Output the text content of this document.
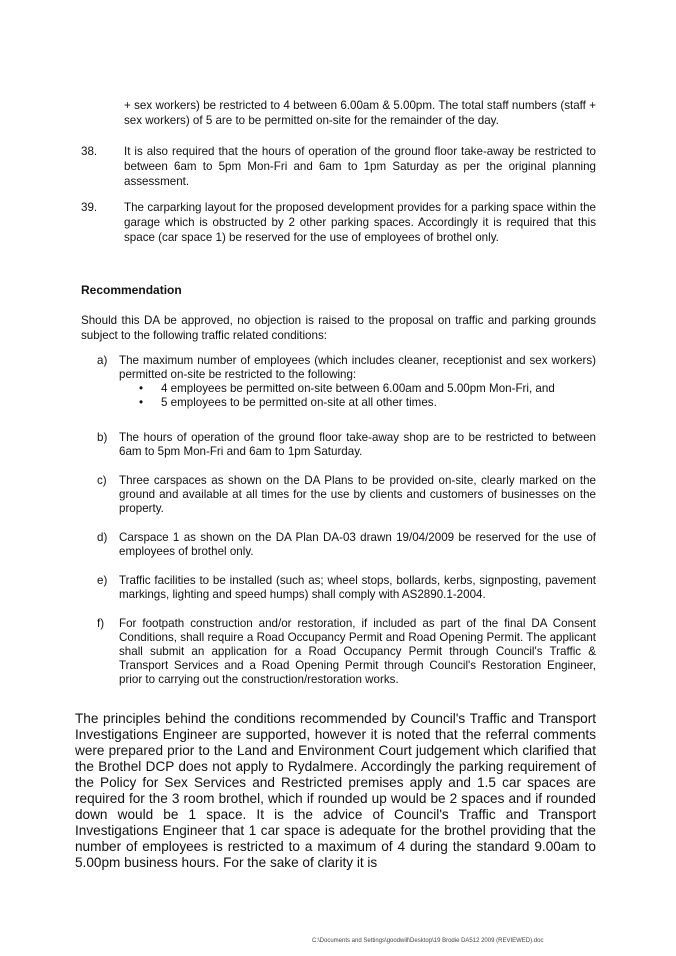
+ sex workers) be restricted to 4 between 6.00am & 5.00pm. The total staff numbers (staff + sex workers) of 5 are to be permitted on-site for the remainder of the day.
38. It is also required that the hours of operation of the ground floor take-away be restricted to between 6am to 5pm Mon-Fri and 6am to 1pm Saturday as per the original planning assessment.
39. The carparking layout for the proposed development provides for a parking space within the garage which is obstructed by 2 other parking spaces. Accordingly it is required that this space (car space 1) be reserved for the use of employees of brothel only.
Recommendation
Should this DA be approved, no objection is raised to the proposal on traffic and parking grounds subject to the following traffic related conditions:
a) The maximum number of employees (which includes cleaner, receptionist and sex workers) permitted on-site be restricted to the following:
• 4 employees be permitted on-site between 6.00am and 5.00pm Mon-Fri, and
• 5 employees to be permitted on-site at all other times.
b) The hours of operation of the ground floor take-away shop are to be restricted to between 6am to 5pm Mon-Fri and 6am to 1pm Saturday.
c) Three carspaces as shown on the DA Plans to be provided on-site, clearly marked on the ground and available at all times for the use by clients and customers of businesses on the property.
d) Carspace 1 as shown on the DA Plan DA-03 drawn 19/04/2009 be reserved for the use of employees of brothel only.
e) Traffic facilities to be installed (such as; wheel stops, bollards, kerbs, signposting, pavement markings, lighting and speed humps) shall comply with AS2890.1-2004.
f) For footpath construction and/or restoration, if included as part of the final DA Consent Conditions, shall require a Road Occupancy Permit and Road Opening Permit. The applicant shall submit an application for a Road Occupancy Permit through Council's Traffic & Transport Services and a Road Opening Permit through Council's Restoration Engineer, prior to carrying out the construction/restoration works.
The principles behind the conditions recommended by Council's Traffic and Transport Investigations Engineer are supported, however it is noted that the referral comments were prepared prior to the Land and Environment Court judgement which clarified that the Brothel DCP does not apply to Rydalmere. Accordingly the parking requirement of the Policy for Sex Services and Restricted premises apply and 1.5 car spaces are required for the 3 room brothel, which if rounded up would be 2 spaces and if rounded down would be 1 space. It is the advice of Council's Traffic and Transport Investigations Engineer that 1 car space is adequate for the brothel providing that the number of employees is restricted to a maximum of 4 during the standard 9.00am to 5.00pm business hours. For the sake of clarity it is
C:\Documents and Settings\goodwill\Desktop\19 Brodie DA512 2009 (REVIEWED).doc
